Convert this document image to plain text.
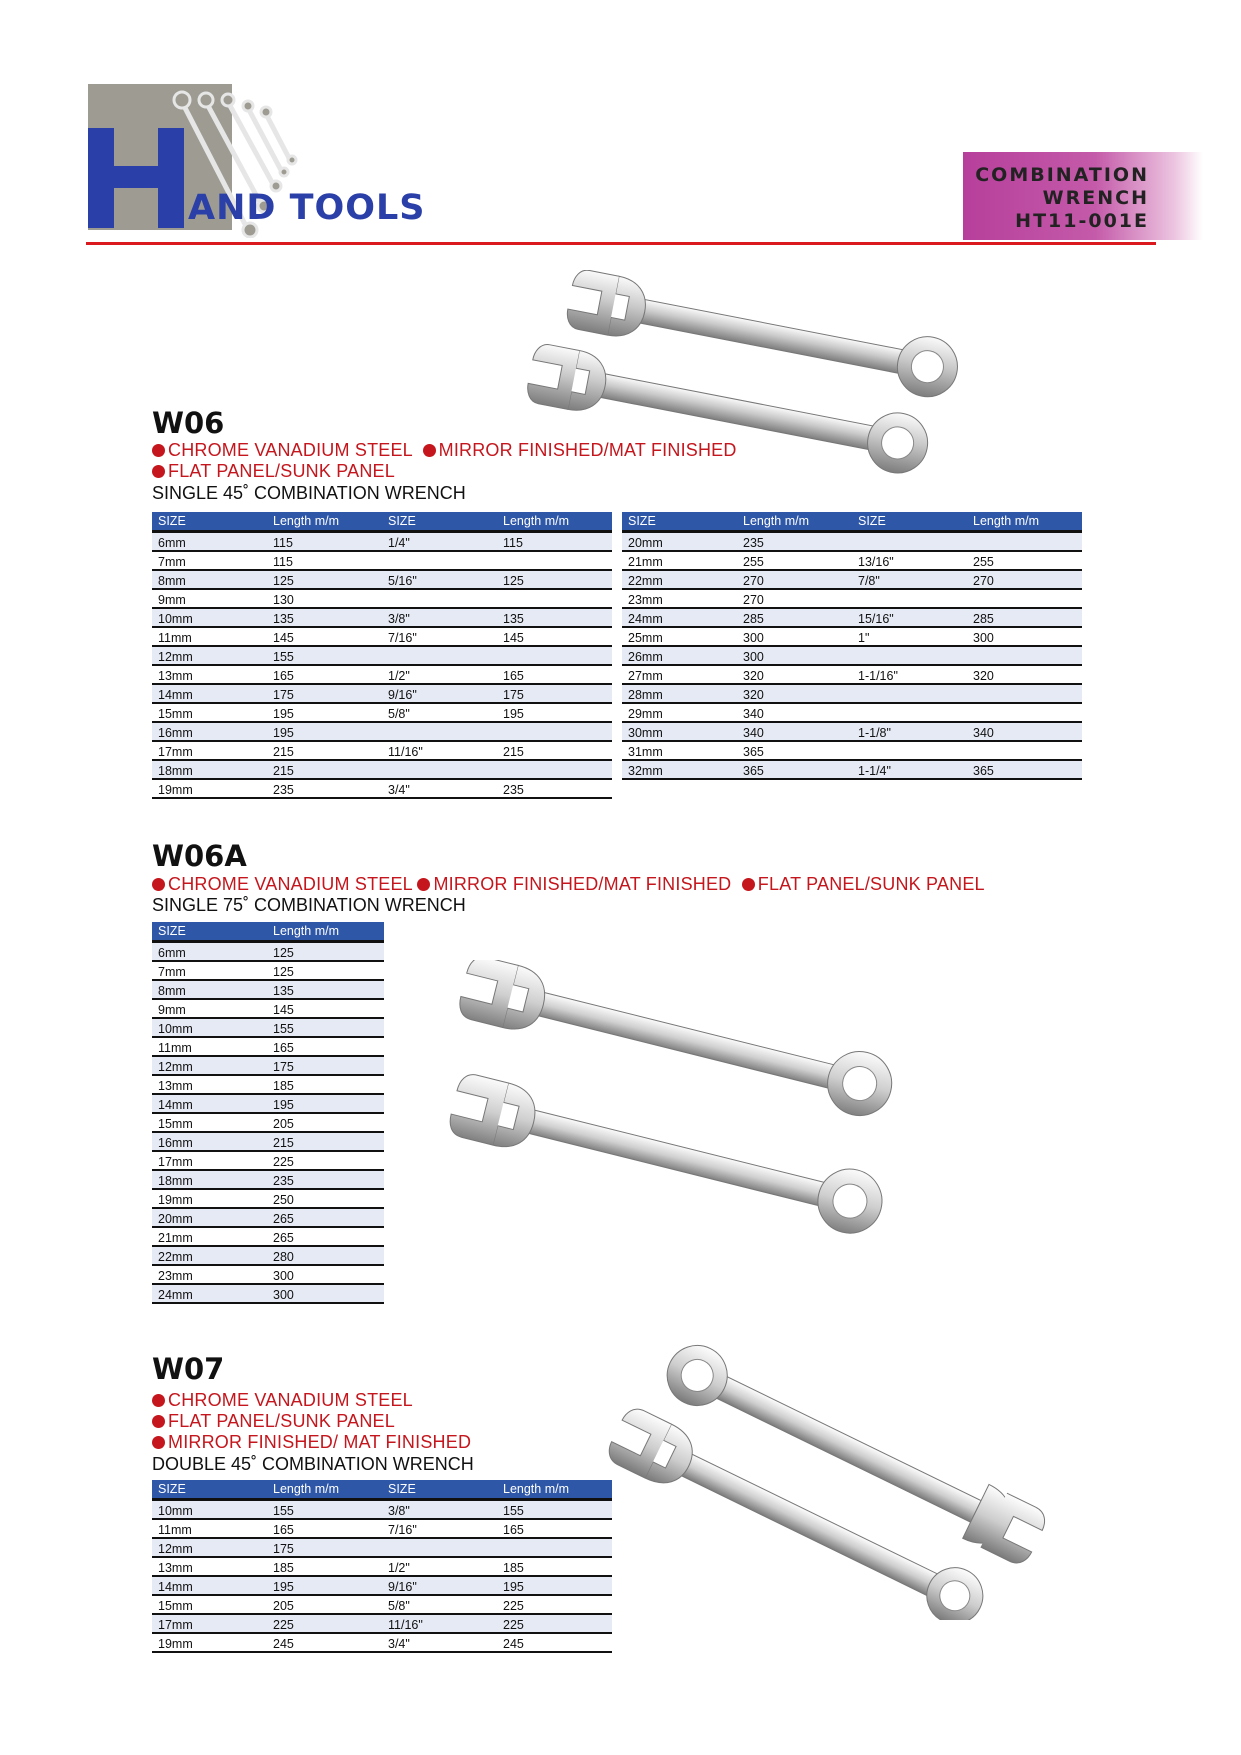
AND TOOLS
COMBINATION
WRENCH
HT11-001E
W06
CHROME VANADIUM STEEL MIRROR FINISHED/MAT FINISHED
FLAT PANEL/SUNK PANEL
SINGLE 45˚ COMBINATION WRENCH
SIZE	Length m/m	SIZE	Length m/m
6mm	115	1/4"	115
7mm	115		
8mm	125	5/16"	125
9mm	130		
10mm	135	3/8"	135
11mm	145	7/16"	145
12mm	155		
13mm	165	1/2"	165
14mm	175	9/16"	175
15mm	195	5/8"	195
16mm	195		
17mm	215	11/16"	215
18mm	215		
19mm	235	3/4"	235
SIZE	Length m/m	SIZE	Length m/m
20mm	235		
21mm	255	13/16"	255
22mm	270	7/8"	270
23mm	270		
24mm	285	15/16"	285
25mm	300	1"	300
26mm	300		
27mm	320	1-1/16"	320
28mm	320		
29mm	340		
30mm	340	1-1/8"	340
31mm	365		
32mm	365	1-1/4"	365
W06A
CHROME VANADIUM STEEL MIRROR FINISHED/MAT FINISHED FLAT PANEL/SUNK PANEL
SINGLE 75˚ COMBINATION WRENCH
SIZE	Length m/m
6mm	125
7mm	125
8mm	135
9mm	145
10mm	155
11mm	165
12mm	175
13mm	185
14mm	195
15mm	205
16mm	215
17mm	225
18mm	235
19mm	250
20mm	265
21mm	265
22mm	280
23mm	300
24mm	300
W07
CHROME VANADIUM STEEL
FLAT PANEL/SUNK PANEL
MIRROR FINISHED/ MAT FINISHED
DOUBLE 45˚ COMBINATION WRENCH
SIZE	Length m/m	SIZE	Length m/m
10mm	155	3/8"	155
11mm	165	7/16"	165
12mm	175		
13mm	185	1/2"	185
14mm	195	9/16"	195
15mm	205	5/8"	225
17mm	225	11/16"	225
19mm	245	3/4"	245
